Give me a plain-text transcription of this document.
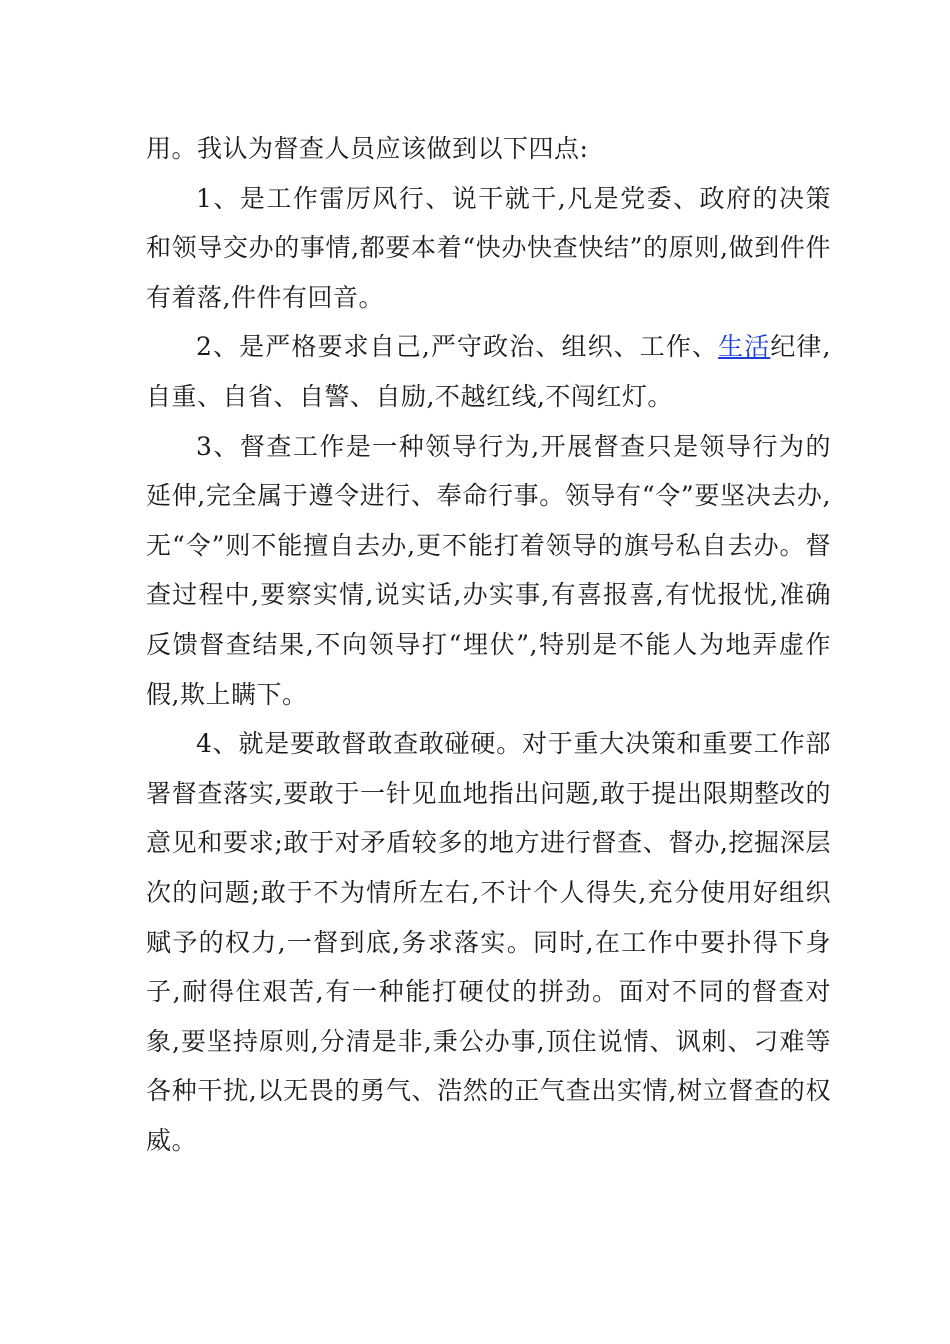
用。我认为督查人员应该做到以下四点:

1、是工作雷厉风行、说干就干,凡是党委、政府的决策和领导交办的事情,都要本着“快办快查快结”的原则,做到件件有着落,件件有回音。

2、是严格要求自己,严守政治、组织、工作、生活纪律,自重、自省、自警、自励,不越红线,不闯红灯。

3、督查工作是一种领导行为,开展督查只是领导行为的延伸,完全属于遵令进行、奉命行事。领导有“令”要坚决去办,无“令”则不能擅自去办,更不能打着领导的旗号私自去办。督查过程中,要察实情,说实话,办实事,有喜报喜,有忧报忧,准确反馈督查结果,不向领导打“埋伏”,特别是不能人为地弄虚作假,欺上瞒下。

4、就是要敢督敢查敢碰硬。对于重大决策和重要工作部署督查落实,要敢于一针见血地指出问题,敢于提出限期整改的意见和要求;敢于对矛盾较多的地方进行督查、督办,挖掘深层次的问题;敢于不为情所左右,不计个人得失,充分使用好组织赋予的权力,一督到底,务求落实。同时,在工作中要扑得下身子,耐得住艰苦,有一种能打硬仗的拼劲。面对不同的督查对象,要坚持原则,分清是非,秉公办事,顶住说情、讽刺、刁难等各种干扰,以无畏的勇气、浩然的正气查出实情,树立督查的权威。
